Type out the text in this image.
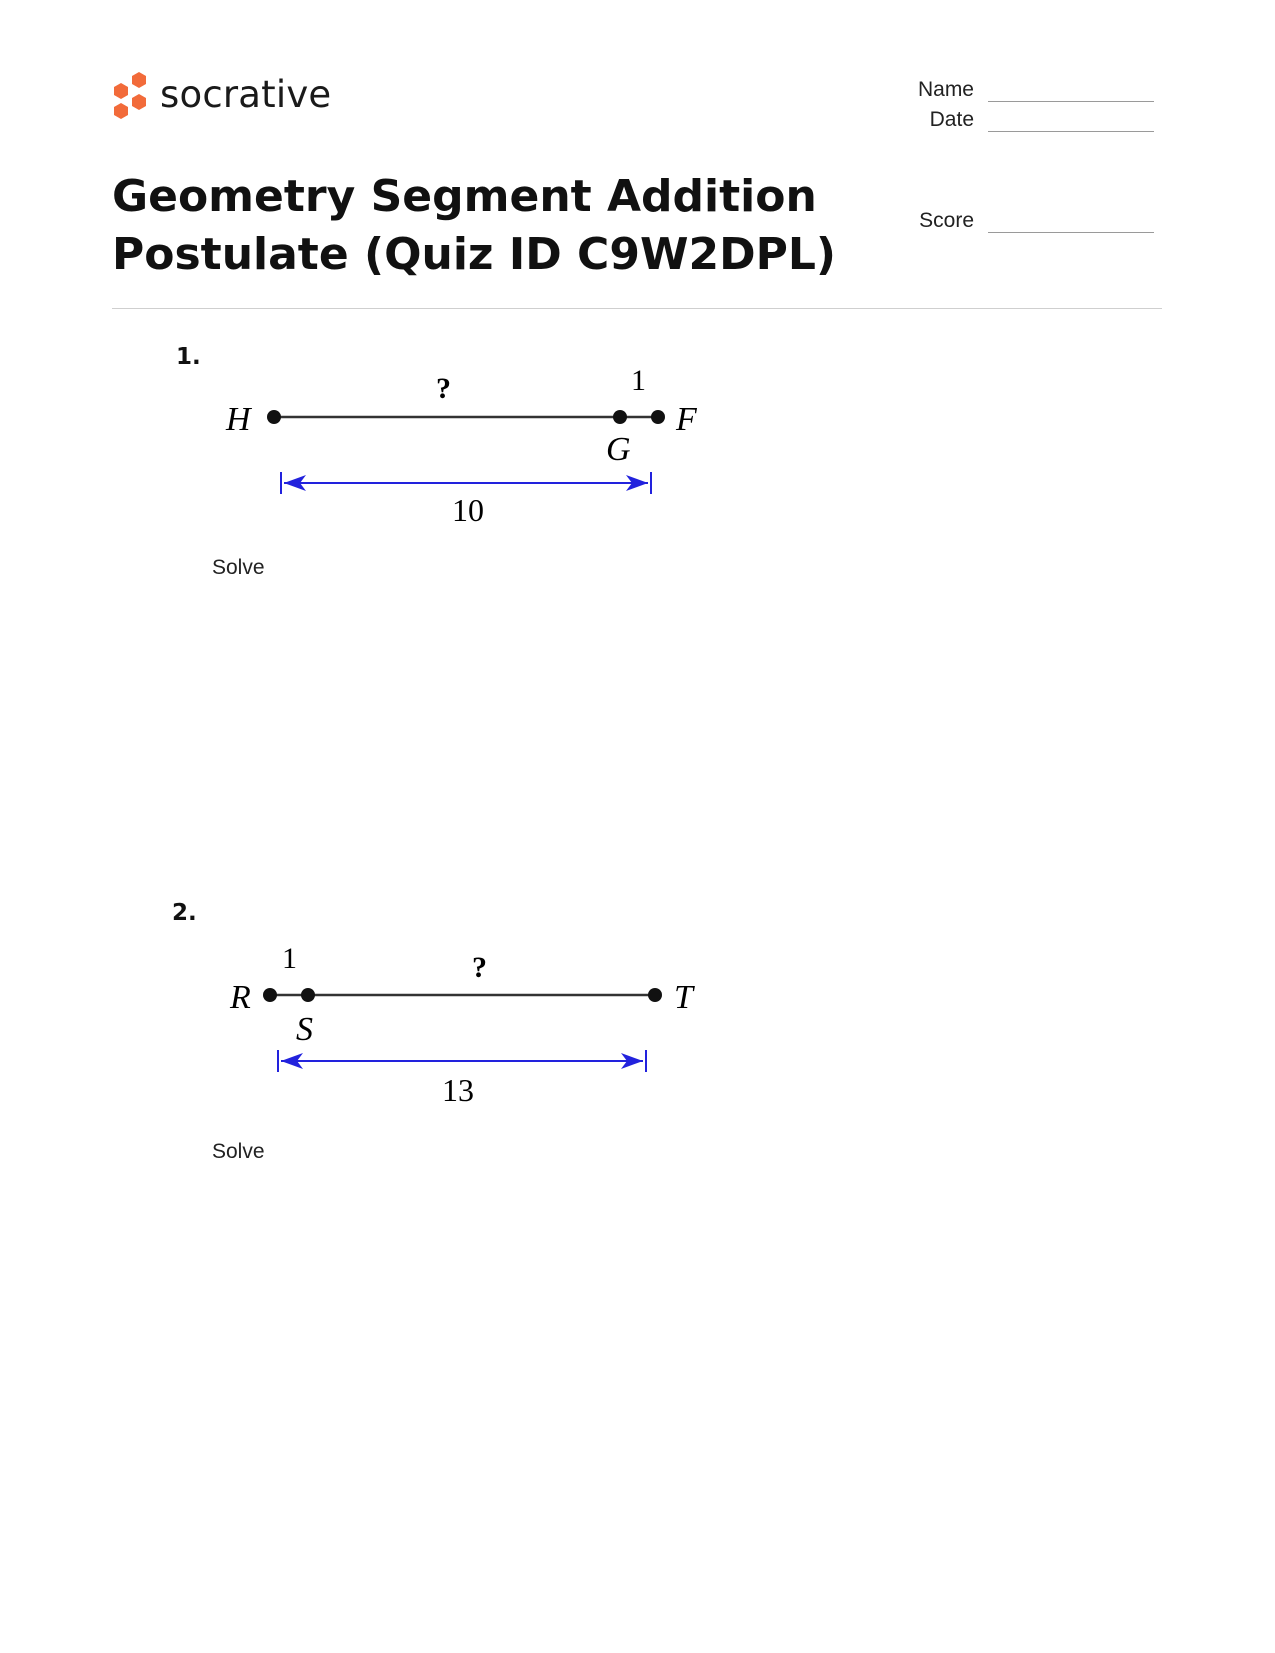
socrative
Geometry Segment Addition
Postulate (Quiz ID C9W2DPL)
Name
Date
Score
1.
H
G
F
?	1
10
Solve
2.
R
S
T
1	?
13
Solve
